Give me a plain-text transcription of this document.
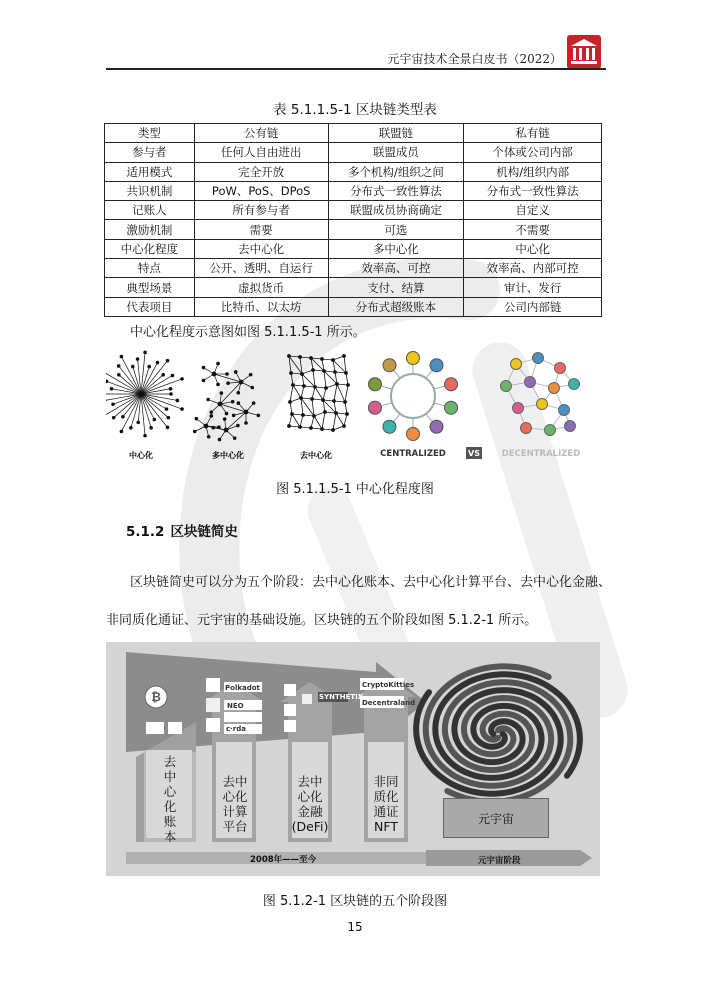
元宇宙技术全景白皮书（2022）
表 5.1.1.5-1 区块链类型表
类型	公有链	联盟链	私有链
参与者	任何人自由进出	联盟成员	个体或公司内部
适用模式	完全开放	多个机构/组织之间	机构/组织内部
共识机制	PoW、PoS、DPoS	分布式一致性算法	分布式一致性算法
记账人	所有参与者	联盟成员协商确定	自定义
激励机制	需要	可选	不需要
中心化程度	去中心化	多中心化	中心化
特点	公开、透明、自运行	效率高、可控	效率高、内部可控
典型场景	虚拟货币	支付、结算	审计、发行
代表项目	比特币、以太坊	分布式超级账本	公司内部链
中心化程度示意图如图 5.1.1.5-1 所示。
中心化	多中心化	去中心化	CENTRALIZED	VS	DECENTRALIZED
图 5.1.1.5-1 中心化程度图
5.1.2 区块链简史
区块链简史可以分为五个阶段：去中心化账本、去中心化计算平台、去中心化金融、
非同质化通证、元宇宙的基础设施。区块链的五个阶段如图 5.1.2-1 所示。
₿
Polkadot
NEO
c·rda
SYNTHETIX
CryptoKitties
Decentraland
去
中
心
化
账
本
去中
心化
计算
平台
去中
心化
金融
(DeFi)
非同
质化
通证
NFT
元宇宙
2008年——至今	元宇宙阶段
图 5.1.2-1 区块链的五个阶段图
15
